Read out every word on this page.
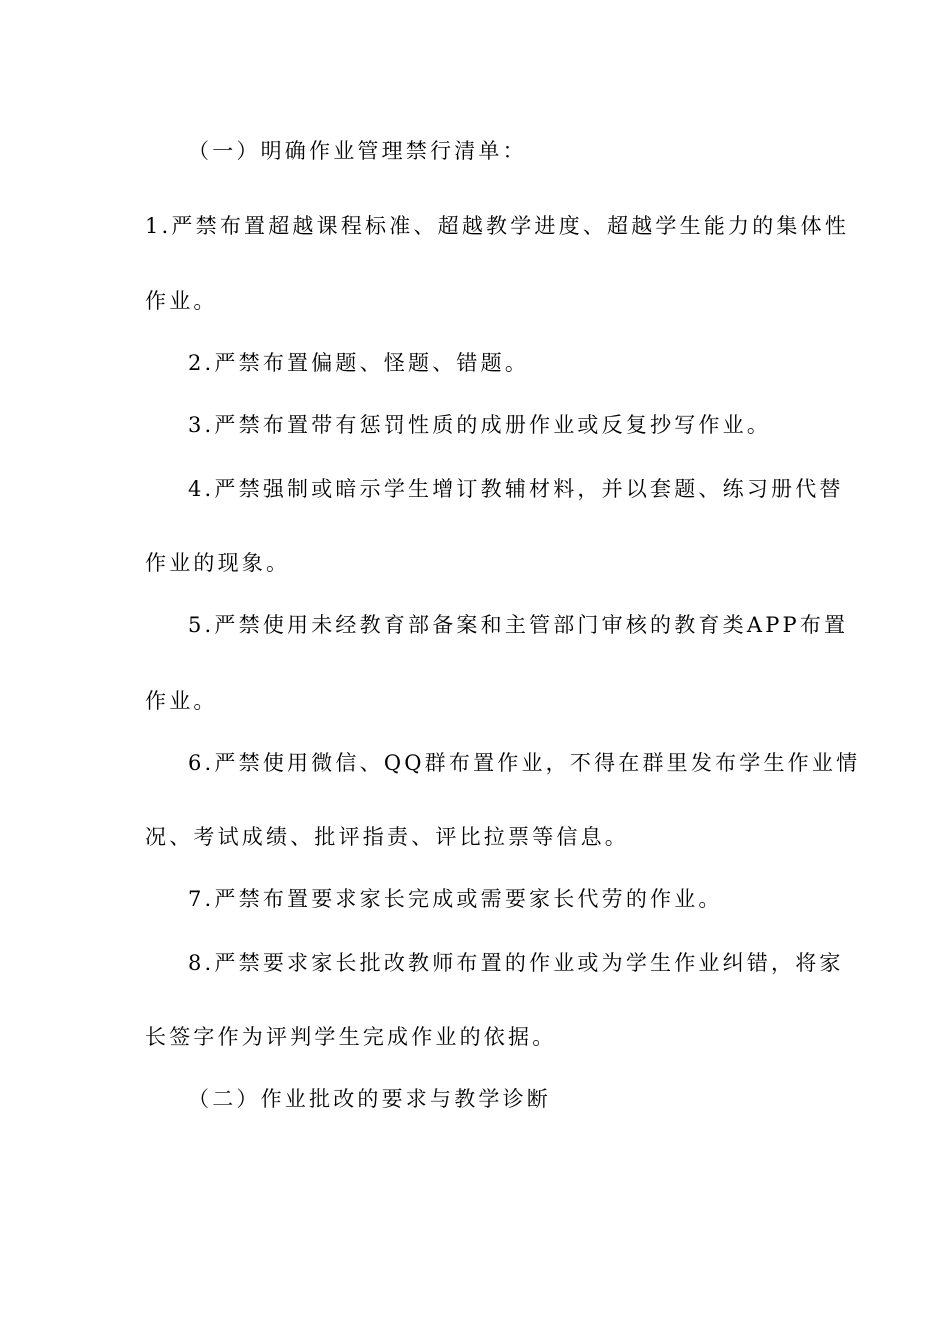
（一）明确作业管理禁行清单：
1.严禁布置超越课程标准、超越教学进度、超越学生能力的集体性
作业。
2.严禁布置偏题、怪题、错题。
3.严禁布置带有惩罚性质的成册作业或反复抄写作业。
4.严禁强制或暗示学生增订教辅材料，并以套题、练习册代替
作业的现象。
5.严禁使用未经教育部备案和主管部门审核的教育类APP布置
作业。
6.严禁使用微信、QQ群布置作业，不得在群里发布学生作业情
况、考试成绩、批评指责、评比拉票等信息。
7.严禁布置要求家长完成或需要家长代劳的作业。
8.严禁要求家长批改教师布置的作业或为学生作业纠错，将家
长签字作为评判学生完成作业的依据。
（二）作业批改的要求与教学诊断
